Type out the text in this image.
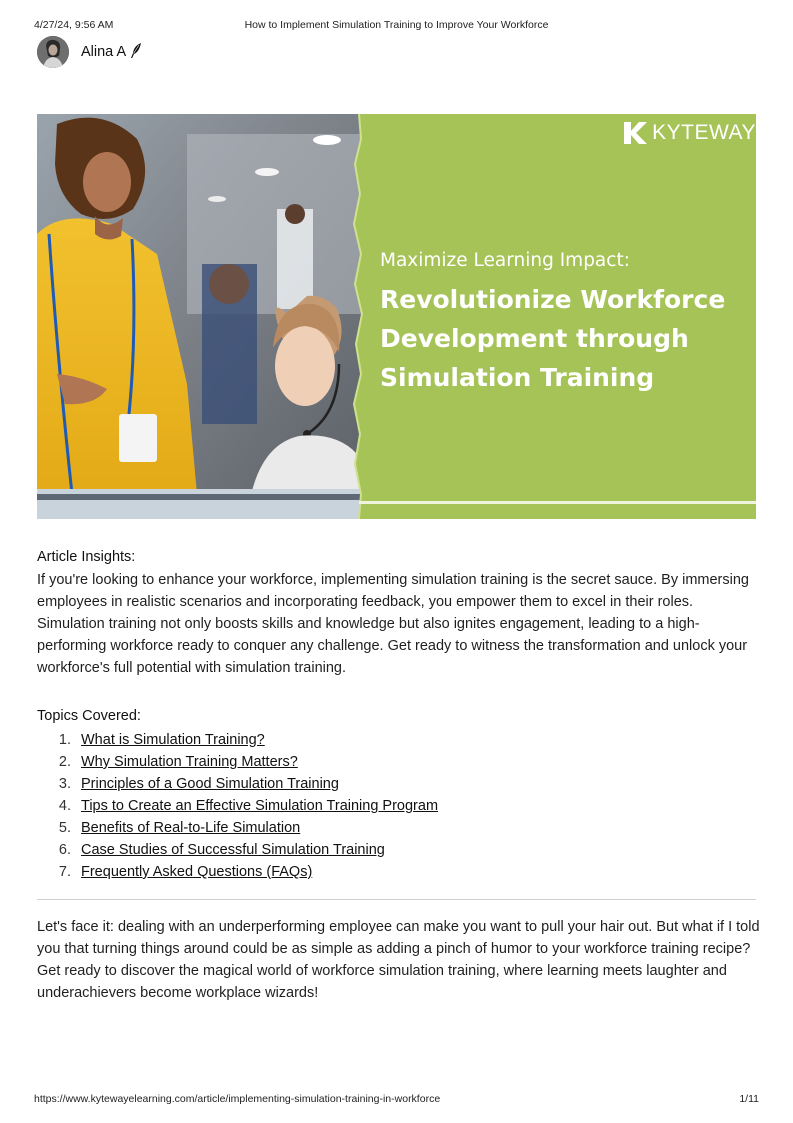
4/27/24, 9:56 AM	How to Implement Simulation Training to Improve Your Workforce
Alina A
KYTEWAY
Maximize Learning Impact:
Revolutionize Workforce Development through Simulation Training
Article Insights:

If you're looking to enhance your workforce, implementing simulation training is the secret sauce. By immersing employees in realistic scenarios and incorporating feedback, you empower them to excel in their roles. Simulation training not only boosts skills and knowledge but also ignites engagement, leading to a high-performing workforce ready to conquer any challenge. Get ready to witness the transformation and unlock your workforce's full potential with simulation training.

Topics Covered:
1. What is Simulation Training?
2. Why Simulation Training Matters?
3. Principles of a Good Simulation Training
4. Tips to Create an Effective Simulation Training Program
5. Benefits of Real-to-Life Simulation
6. Case Studies of Successful Simulation Training
7. Frequently Asked Questions (FAQs)

Let's face it: dealing with an underperforming employee can make you want to pull your hair out. But what if I told you that turning things around could be as simple as adding a pinch of humor to your workforce training recipe? Get ready to discover the magical world of workforce simulation training, where learning meets laughter and underachievers become workplace wizards!

https://www.kytewayelearning.com/article/implementing-simulation-training-in-workforce	1/11
